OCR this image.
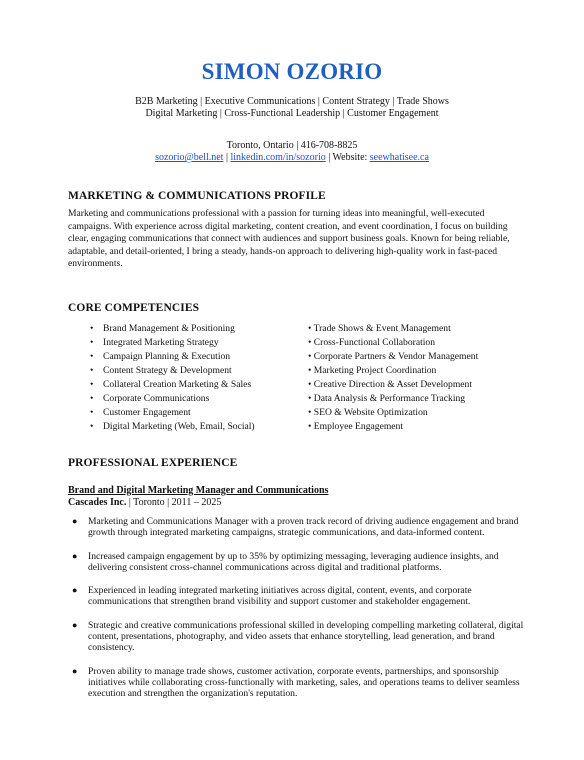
SIMON OZORIO
B2B Marketing | Executive Communications | Content Strategy | Trade Shows
Digital Marketing | Cross-Functional Leadership | Customer Engagement
Toronto, Ontario | 416-708-8825
sozorio@bell.net | linkedin.com/in/sozorio | Website: seewhatisee.ca
MARKETING & COMMUNICATIONS PROFILE
Marketing and communications professional with a passion for turning ideas into meaningful, well-executed campaigns. With experience across digital marketing, content creation, and event coordination, I focus on building clear, engaging communications that connect with audiences and support business goals. Known for being reliable, adaptable, and detail-oriented, I bring a steady, hands-on approach to delivering high-quality work in fast-paced environments.
CORE COMPETENCIES
• Brand Management & Positioning
• Integrated Marketing Strategy
• Campaign Planning & Execution
• Content Strategy & Development
• Collateral Creation Marketing & Sales
• Corporate Communications
• Customer Engagement
• Digital Marketing (Web, Email, Social)
• Trade Shows & Event Management
• Cross-Functional Collaboration
• Corporate Partners & Vendor Management
• Marketing Project Coordination
• Creative Direction & Asset Development
• Data Analysis & Performance Tracking
• SEO & Website Optimization
• Employee Engagement
PROFESSIONAL EXPERIENCE
Brand and Digital Marketing Manager and Communications
Cascades Inc. | Toronto | 2011 – 2025
● Marketing and Communications Manager with a proven track record of driving audience engagement and brand growth through integrated marketing campaigns, strategic communications, and data-informed content.
● Increased campaign engagement by up to 35% by optimizing messaging, leveraging audience insights, and delivering consistent cross-channel communications across digital and traditional platforms.
● Experienced in leading integrated marketing initiatives across digital, content, events, and corporate communications that strengthen brand visibility and support customer and stakeholder engagement.
● Strategic and creative communications professional skilled in developing compelling marketing collateral, digital content, presentations, photography, and video assets that enhance storytelling, lead generation, and brand consistency.
● Proven ability to manage trade shows, customer activation, corporate events, partnerships, and sponsorship initiatives while collaborating cross-functionally with marketing, sales, and operations teams to deliver seamless execution and strengthen the organization's reputation.
